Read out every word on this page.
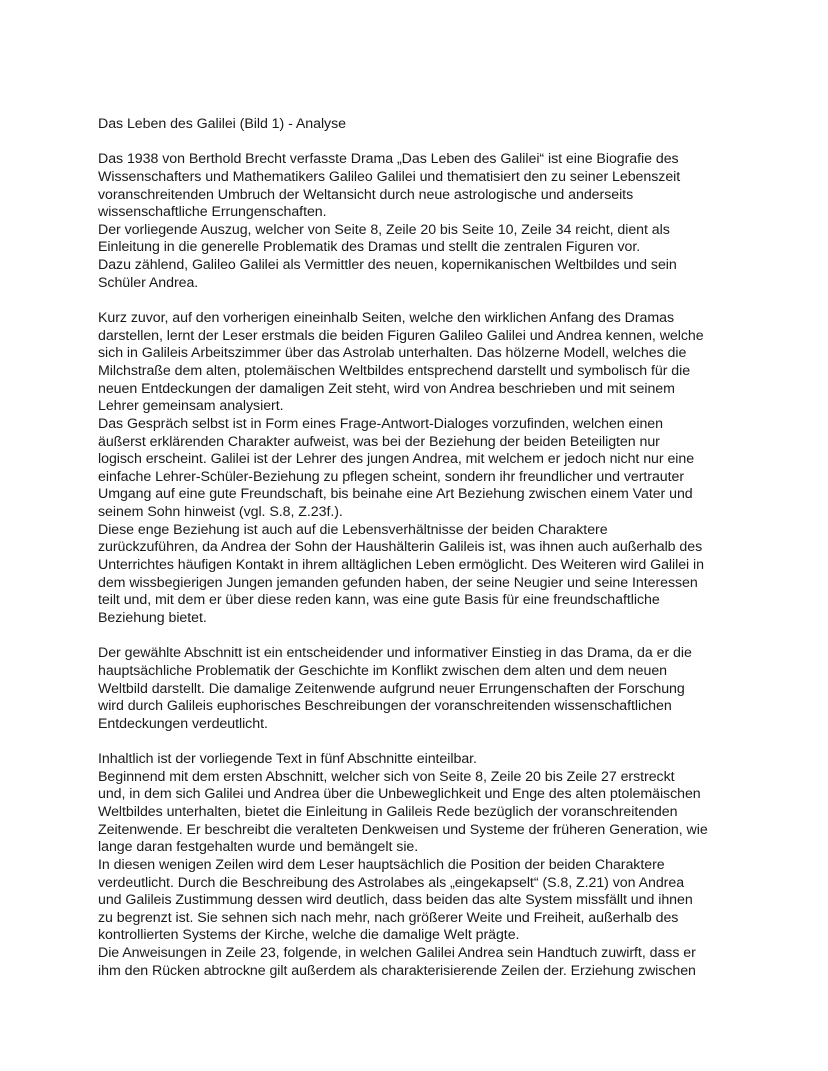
Das Leben des Galilei (Bild 1) - Analyse
Das 1938 von Berthold Brecht verfasste Drama „Das Leben des Galilei“ ist eine Biografie des
Wissenschafters und Mathematikers Galileo Galilei und thematisiert den zu seiner Lebenszeit
voranschreitenden Umbruch der Weltansicht durch neue astrologische und anderseits
wissenschaftliche Errungenschaften.
Der vorliegende Auszug, welcher von Seite 8, Zeile 20 bis Seite 10, Zeile 34 reicht, dient als
Einleitung in die generelle Problematik des Dramas und stellt die zentralen Figuren vor.
Dazu zählend, Galileo Galilei als Vermittler des neuen, kopernikanischen Weltbildes und sein
Schüler Andrea.
Kurz zuvor, auf den vorherigen eineinhalb Seiten, welche den wirklichen Anfang des Dramas
darstellen, lernt der Leser erstmals die beiden Figuren Galileo Galilei und Andrea kennen, welche
sich in Galileis Arbeitszimmer über das Astrolab unterhalten. Das hölzerne Modell, welches die
Milchstraße dem alten, ptolemäischen Weltbildes entsprechend darstellt und symbolisch für die
neuen Entdeckungen der damaligen Zeit steht, wird von Andrea beschrieben und mit seinem
Lehrer gemeinsam analysiert.
Das Gespräch selbst ist in Form eines Frage-Antwort-Dialoges vorzufinden, welchen einen
äußerst erklärenden Charakter aufweist, was bei der Beziehung der beiden Beteiligten nur
logisch erscheint. Galilei ist der Lehrer des jungen Andrea, mit welchem er jedoch nicht nur eine
einfache Lehrer-Schüler-Beziehung zu pflegen scheint, sondern ihr freundlicher und vertrauter
Umgang auf eine gute Freundschaft, bis beinahe eine Art Beziehung zwischen einem Vater und
seinem Sohn hinweist (vgl. S.8, Z.23f.).
Diese enge Beziehung ist auch auf die Lebensverhältnisse der beiden Charaktere
zurückzuführen, da Andrea der Sohn der Haushälterin Galileis ist, was ihnen auch außerhalb des
Unterrichtes häufigen Kontakt in ihrem alltäglichen Leben ermöglicht. Des Weiteren wird Galilei in
dem wissbegierigen Jungen jemanden gefunden haben, der seine Neugier und seine Interessen
teilt und, mit dem er über diese reden kann, was eine gute Basis für eine freundschaftliche
Beziehung bietet.
Der gewählte Abschnitt ist ein entscheidender und informativer Einstieg in das Drama, da er die
hauptsächliche Problematik der Geschichte im Konflikt zwischen dem alten und dem neuen
Weltbild darstellt. Die damalige Zeitenwende aufgrund neuer Errungenschaften der Forschung
wird durch Galileis euphorisches Beschreibungen der voranschreitenden wissenschaftlichen
Entdeckungen verdeutlicht.
Inhaltlich ist der vorliegende Text in fünf Abschnitte einteilbar.
Beginnend mit dem ersten Abschnitt, welcher sich von Seite 8, Zeile 20 bis Zeile 27 erstreckt
und, in dem sich Galilei und Andrea über die Unbeweglichkeit und Enge des alten ptolemäischen
Weltbildes unterhalten, bietet die Einleitung in Galileis Rede bezüglich der voranschreitenden
Zeitenwende. Er beschreibt die veralteten Denkweisen und Systeme der früheren Generation, wie
lange daran festgehalten wurde und bemängelt sie.
In diesen wenigen Zeilen wird dem Leser hauptsächlich die Position der beiden Charaktere
verdeutlicht. Durch die Beschreibung des Astrolabes als „eingekapselt“ (S.8, Z.21) von Andrea
und Galileis Zustimmung dessen wird deutlich, dass beiden das alte System missfällt und ihnen
zu begrenzt ist. Sie sehnen sich nach mehr, nach größerer Weite und Freiheit, außerhalb des
kontrollierten Systems der Kirche, welche die damalige Welt prägte.
Die Anweisungen in Zeile 23, folgende, in welchen Galilei Andrea sein Handtuch zuwirft, dass er
ihm den Rücken abtrockne gilt außerdem als charakterisierende Zeilen der. Erziehung zwischen
